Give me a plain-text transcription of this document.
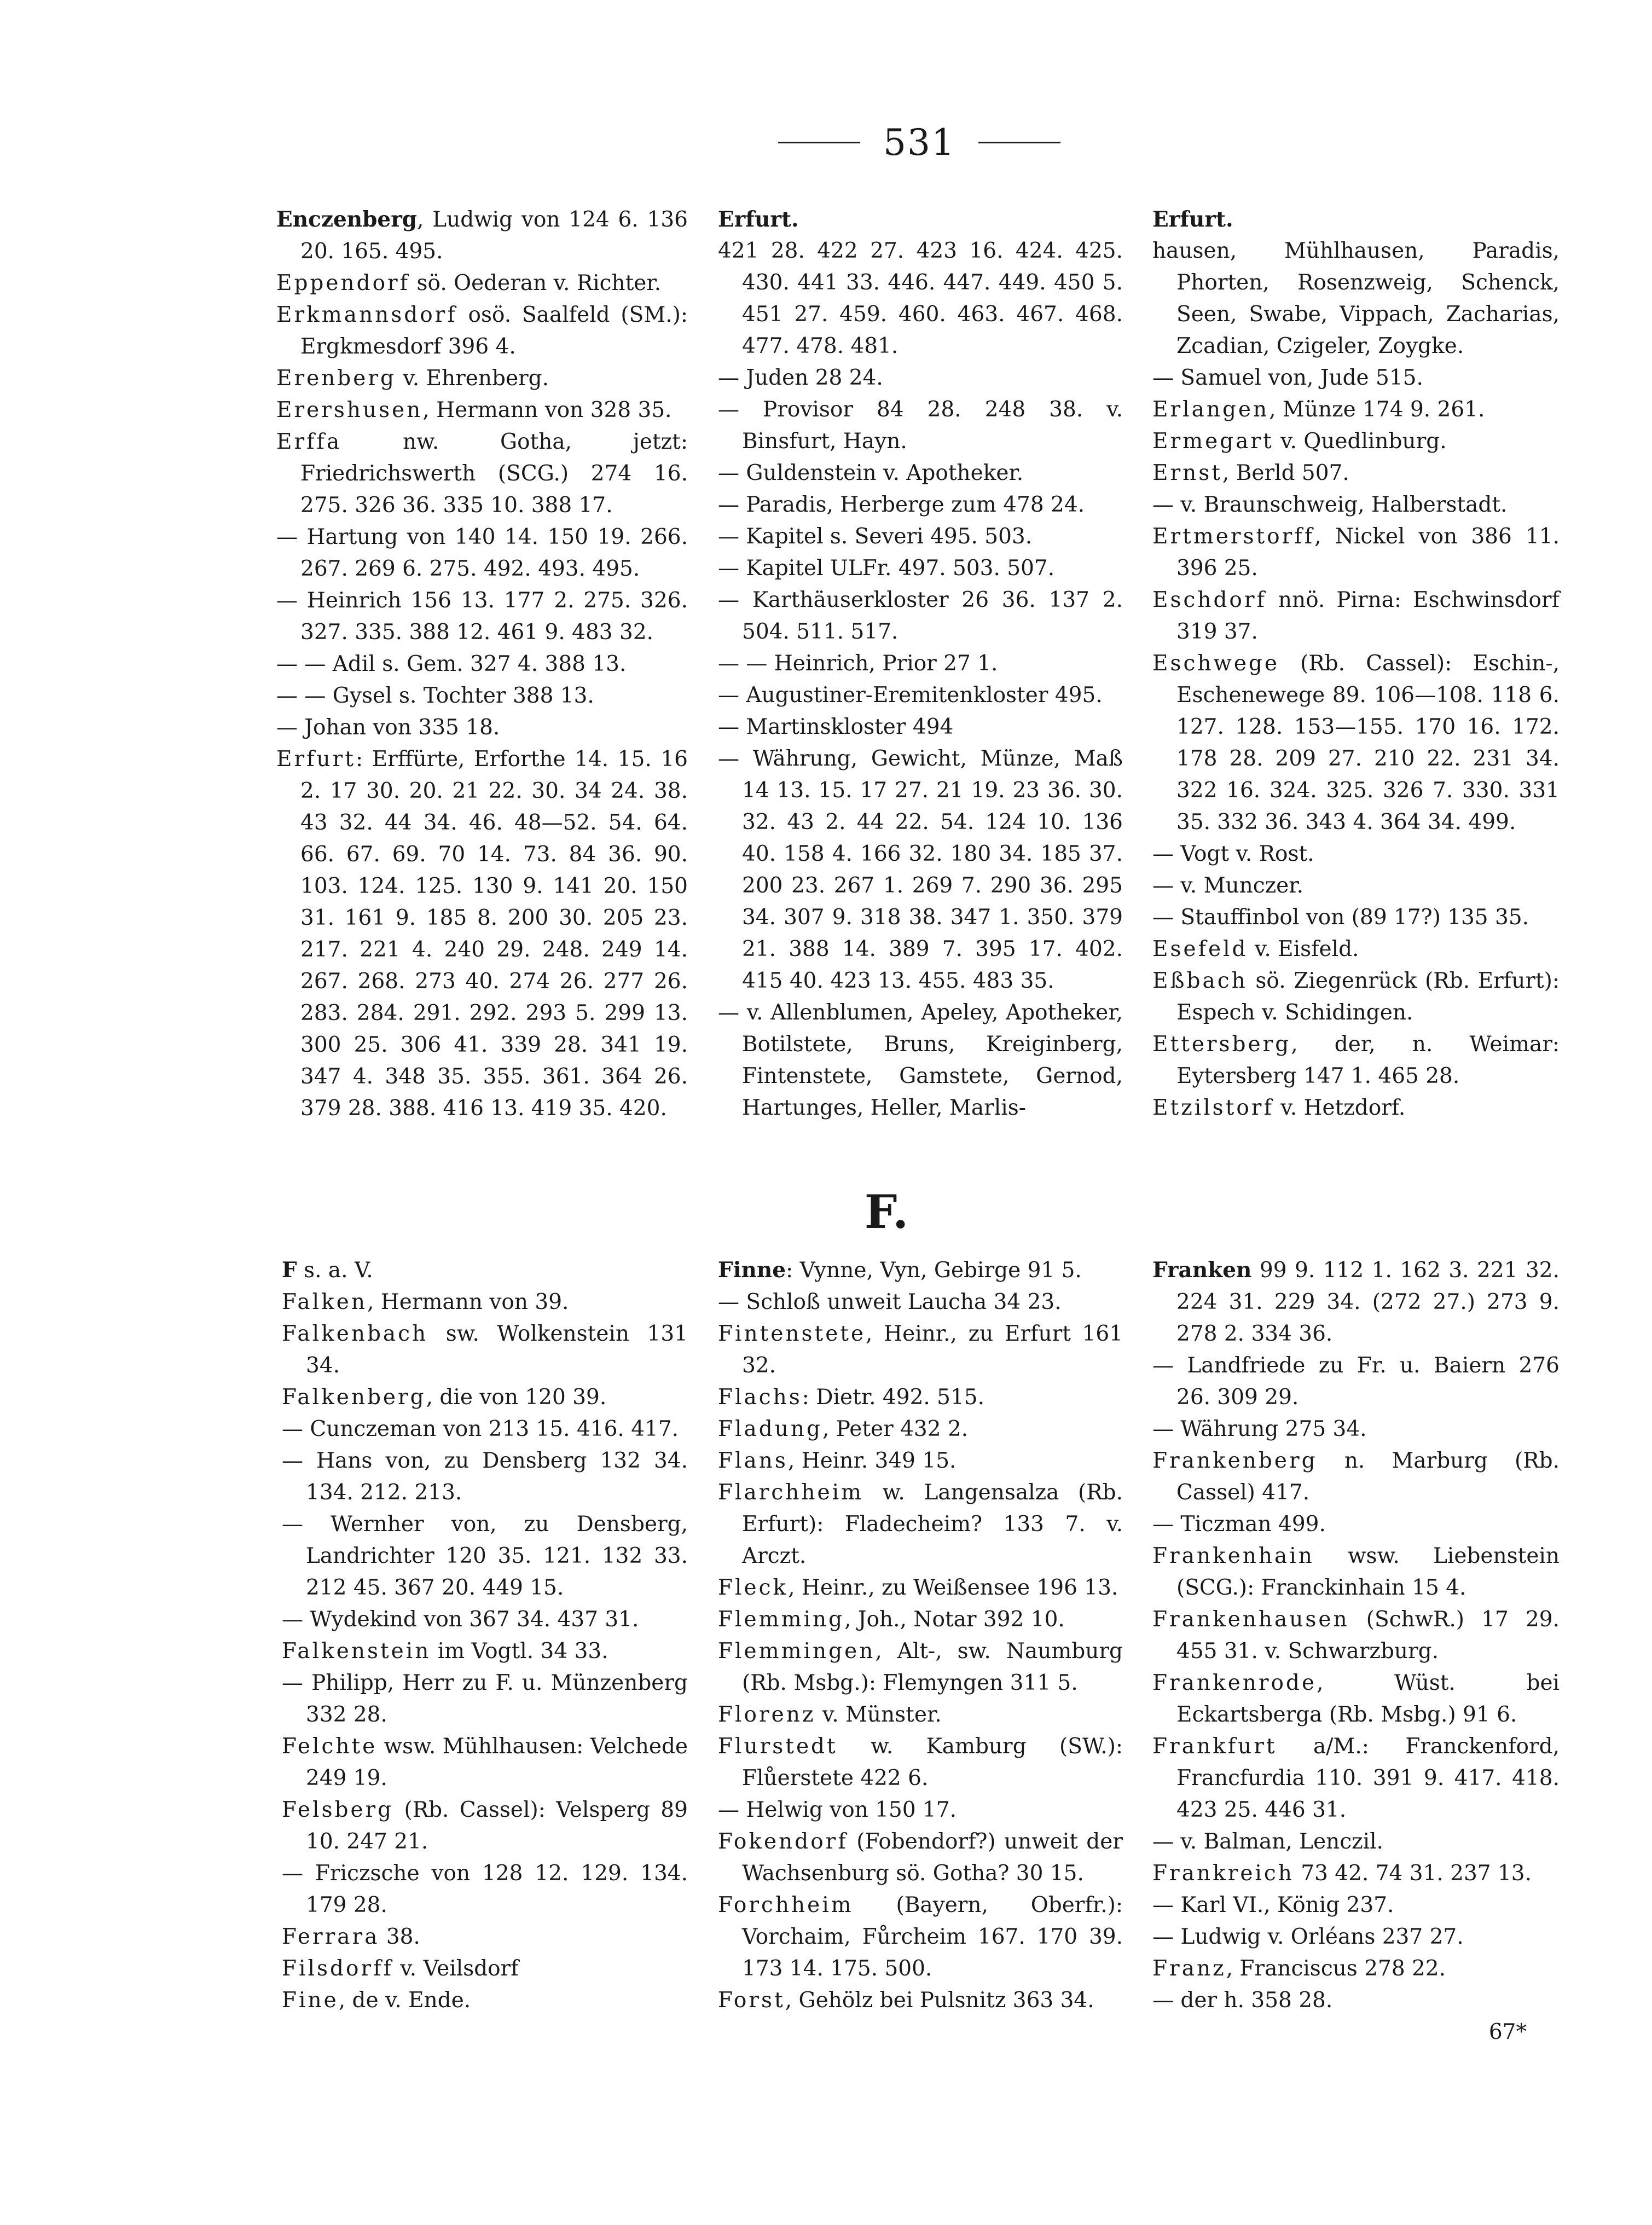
531

Enczenberg, Ludwig von 124 6. 136 20. 165. 495.

Eppendorf sö. Oederan v. Richter.

Erkmannsdorf osö. Saalfeld (SM.): Ergkmesdorf 396 4.

Erenberg v. Ehrenberg.

Erershusen, Hermann von 328 35.

Erffa nw. Gotha, jetzt: Friedrichswerth (SCG.) 274 16. 275. 326 36. 335 10. 388 17.

— Hartung von 140 14. 150 19. 266. 267. 269 6. 275. 492. 493. 495.

— Heinrich 156 13. 177 2. 275. 326. 327. 335. 388 12. 461 9. 483 32.

— — Adil s. Gem. 327 4. 388 13.

— — Gysel s. Tochter 388 13.

— Johan von 335 18.

Erfurt: Erffürte, Erforthe 14. 15. 16 2. 17 30. 20. 21 22. 30. 34 24. 38. 43 32. 44 34. 46. 48—52. 54. 64. 66. 67. 69. 70 14. 73. 84 36. 90. 103. 124. 125. 130 9. 141 20. 150 31. 161 9. 185 8. 200 30. 205 23. 217. 221 4. 240 29. 248. 249 14. 267. 268. 273 40. 274 26. 277 26. 283. 284. 291. 292. 293 5. 299 13. 300 25. 306 41. 339 28. 341 19. 347 4. 348 35. 355. 361. 364 26. 379 28. 388. 416 13. 419 35. 420.

Erfurt.

421 28. 422 27. 423 16. 424. 425. 430. 441 33. 446. 447. 449. 450 5. 451 27. 459. 460. 463. 467. 468. 477. 478. 481.

— Juden 28 24.

— Provisor 84 28. 248 38. v. Binsfurt, Hayn.

— Guldenstein v. Apotheker.

— Paradis, Herberge zum 478 24.

— Kapitel s. Severi 495. 503.

— Kapitel ULFr. 497. 503. 507.

— Karthäuserkloster 26 36. 137 2. 504. 511. 517.

— — Heinrich, Prior 27 1.

— Augustiner-Eremitenkloster 495.

— Martinskloster 494

— Währung, Gewicht, Münze, Maß 14 13. 15. 17 27. 21 19. 23 36. 30. 32. 43 2. 44 22. 54. 124 10. 136 40. 158 4. 166 32. 180 34. 185 37. 200 23. 267 1. 269 7. 290 36. 295 34. 307 9. 318 38. 347 1. 350. 379 21. 388 14. 389 7. 395 17. 402. 415 40. 423 13. 455. 483 35.

— v. Allenblumen, Apeley, Apotheker, Botilstete, Bruns, Kreiginberg, Fintenstete, Gamstete, Gernod, Hartunges, Heller, Marlis-

Erfurt.

hausen, Mühlhausen, Paradis, Phorten, Rosenzweig, Schenck, Seen, Swabe, Vippach, Zacharias, Zcadian, Czigeler, Zoygke.

— Samuel von, Jude 515.

Erlangen, Münze 174 9. 261.

Ermegart v. Quedlinburg.

Ernst, Berld 507.

— v. Braunschweig, Halberstadt.

Ertmerstorff, Nickel von 386 11. 396 25.

Eschdorf nnö. Pirna: Eschwinsdorf 319 37.

Eschwege (Rb. Cassel): Eschin-, Eschenewege 89. 106—108. 118 6. 127. 128. 153—155. 170 16. 172. 178 28. 209 27. 210 22. 231 34. 322 16. 324. 325. 326 7. 330. 331 35. 332 36. 343 4. 364 34. 499.

— Vogt v. Rost.

— v. Munczer.

— Stauffinbol von (89 17?) 135 35.

Esefeld v. Eisfeld.

Eßbach sö. Ziegenrück (Rb. Erfurt): Espech v. Schidingen.

Ettersberg, der, n. Weimar: Eytersberg 147 1. 465 28.

Etzilstorf v. Hetzdorf.

F.

F s. a. V.

Falken, Hermann von 39.

Falkenbach sw. Wolkenstein 131 34.

Falkenberg, die von 120 39.

— Cunczeman von 213 15. 416. 417.

— Hans von, zu Densberg 132 34. 134. 212. 213.

— Wernher von, zu Densberg, Landrichter 120 35. 121. 132 33. 212 45. 367 20. 449 15.

— Wydekind von 367 34. 437 31.

Falkenstein im Vogtl. 34 33.

— Philipp, Herr zu F. u. Münzenberg 332 28.

Felchte wsw. Mühlhausen: Velchede 249 19.

Felsberg (Rb. Cassel): Velsperg 89 10. 247 21.

— Friczsche von 128 12. 129. 134. 179 28.

Ferrara 38.

Filsdorff v. Veilsdorf

Fine, de v. Ende.

Finne: Vynne, Vyn, Gebirge 91 5.

— Schloß unweit Laucha 34 23.

Fintenstete, Heinr., zu Erfurt 161 32.

Flachs: Dietr. 492. 515.

Fladung, Peter 432 2.

Flans, Heinr. 349 15.

Flarchheim w. Langensalza (Rb. Erfurt): Fladecheim? 133 7. v. Arczt.

Fleck, Heinr., zu Weißensee 196 13.

Flemming, Joh., Notar 392 10.

Flemmingen, Alt-, sw. Naumburg (Rb. Msbg.): Flemyngen 311 5.

Florenz v. Münster.

Flurstedt w. Kamburg (SW.): Flůerstete 422 6.

— Helwig von 150 17.

Fokendorf (Fobendorf?) unweit der Wachsenburg sö. Gotha? 30 15.

Forchheim (Bayern, Oberfr.): Vorchaim, Fůrcheim 167. 170 39. 173 14. 175. 500.

Forst, Gehölz bei Pulsnitz 363 34.

Franken 99 9. 112 1. 162 3. 221 32. 224 31. 229 34. (272 27.) 273 9. 278 2. 334 36.

— Landfriede zu Fr. u. Baiern 276 26. 309 29.

— Währung 275 34.

Frankenberg n. Marburg (Rb. Cassel) 417.

— Ticzman 499.

Frankenhain wsw. Liebenstein (SCG.): Franckinhain 15 4.

Frankenhausen (SchwR.) 17 29. 455 31. v. Schwarzburg.

Frankenrode, Wüst. bei Eckartsberga (Rb. Msbg.) 91 6.

Frankfurt a/M.: Franckenford, Francfurdia 110. 391 9. 417. 418. 423 25. 446 31.

— v. Balman, Lenczil.

Frankreich 73 42. 74 31. 237 13.

— Karl VI., König 237.

— Ludwig v. Orléans 237 27.

Franz, Franciscus 278 22.

— der h. 358 28.

67*
